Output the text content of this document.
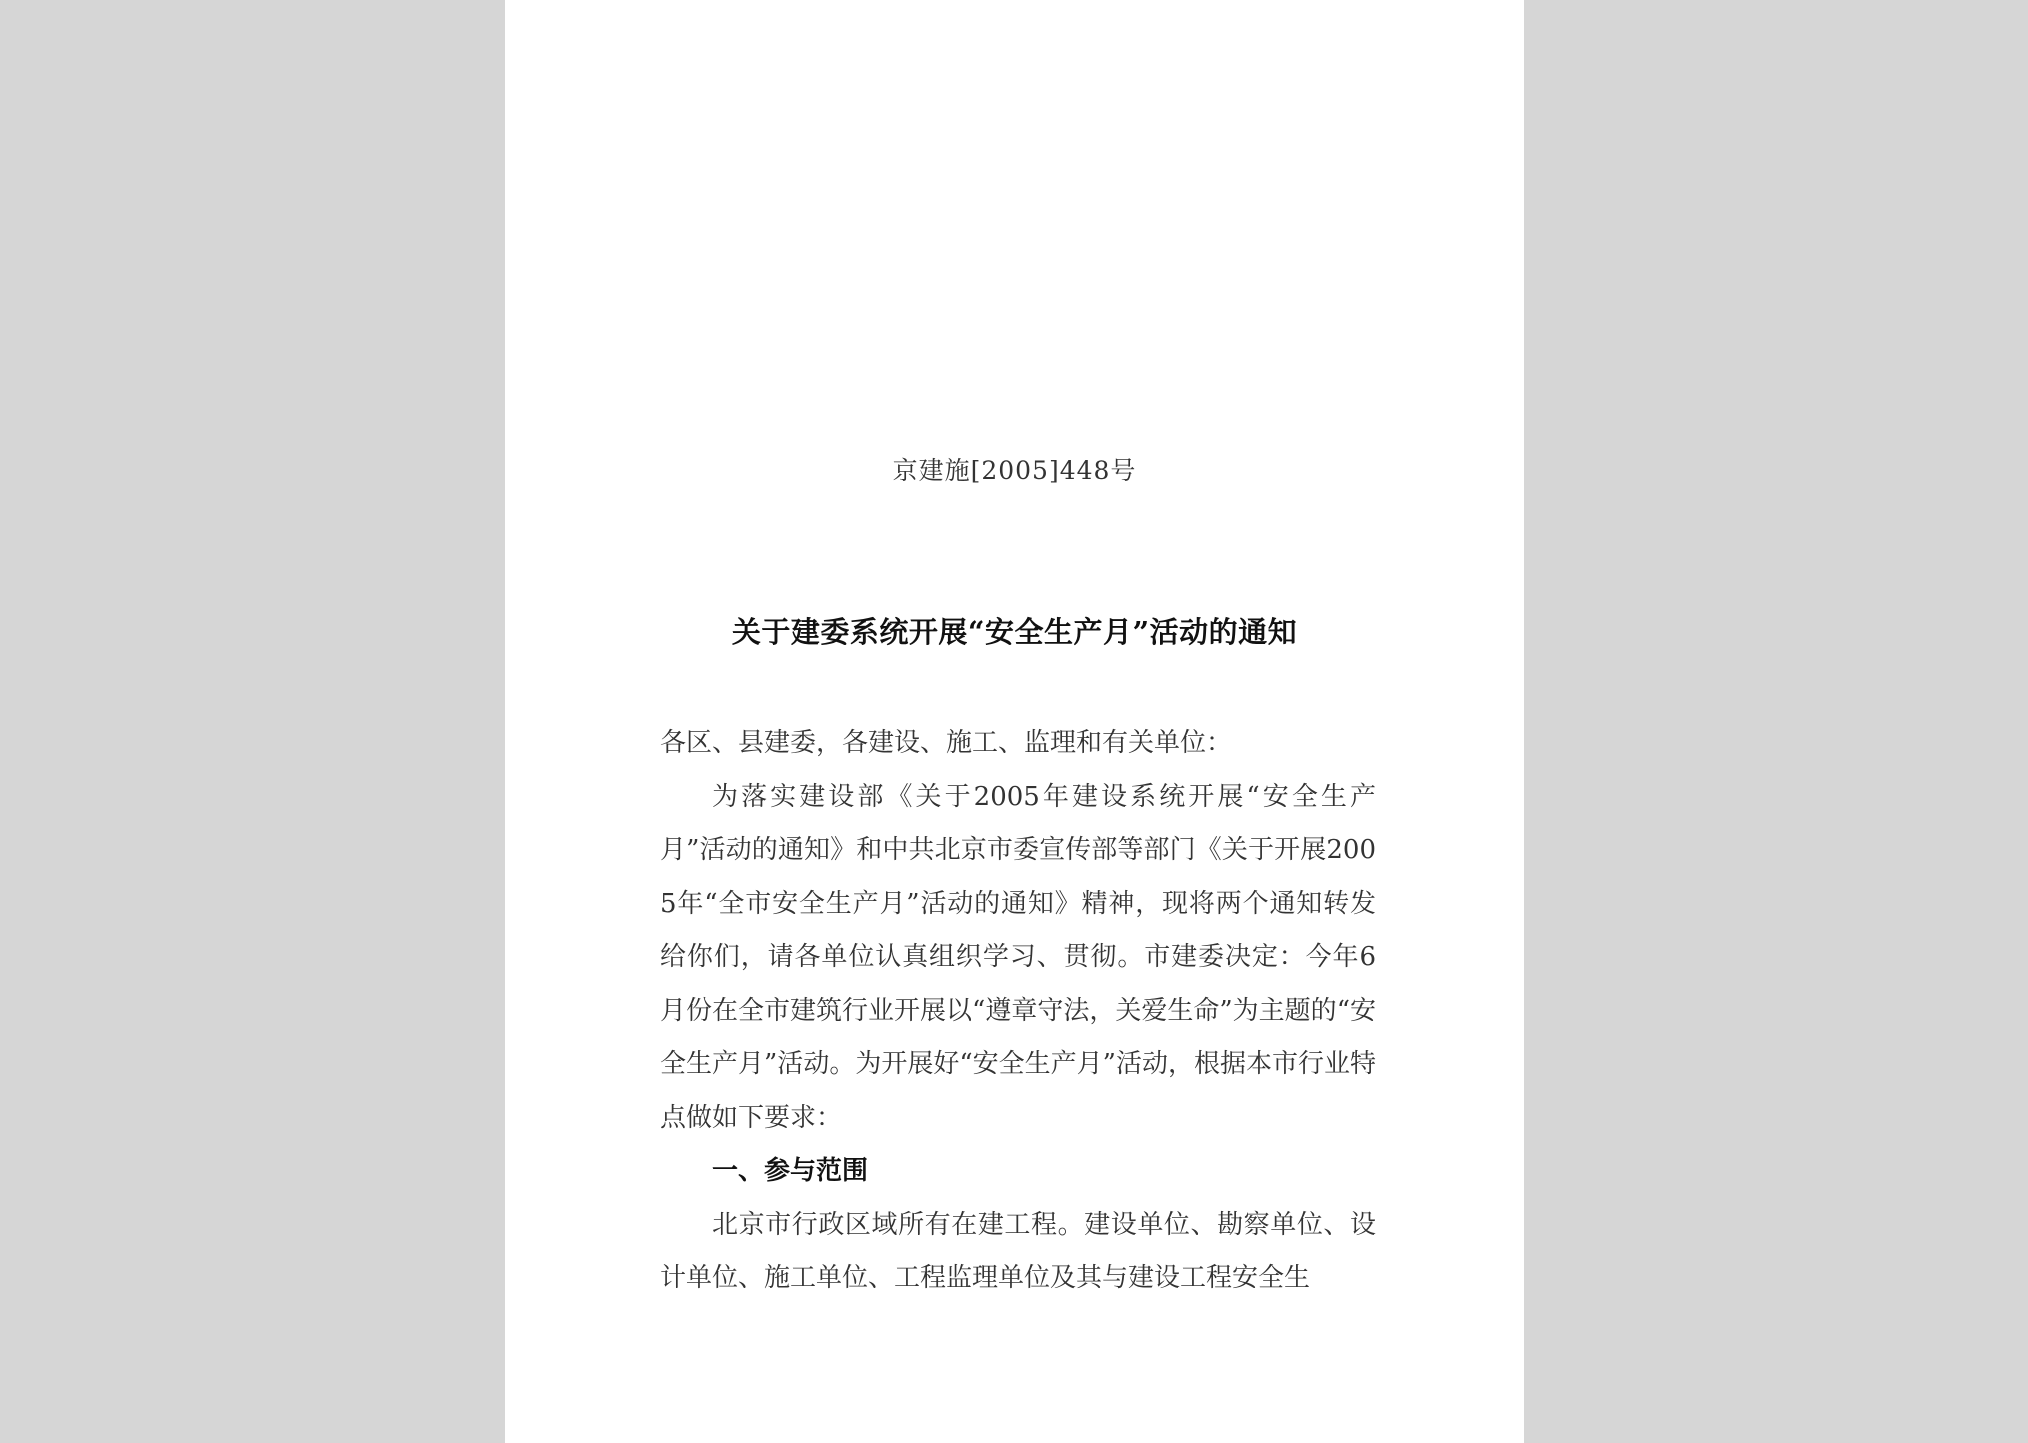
京建施[2005]448号
关于建委系统开展“安全生产月”活动的通知

各区、县建委，各建设、施工、监理和有关单位：

为落实建设部《关于2005年建设系统开展“安全生产月”活动的通知》和中共北京市委宣传部等部门《关于开展2005年“全市安全生产月”活动的通知》精神，现将两个通知转发给你们，请各单位认真组织学习、贯彻。市建委决定：今年6月份在全市建筑行业开展以“遵章守法，关爱生命”为主题的“安全生产月”活动。为开展好“安全生产月”活动，根据本市行业特点做如下要求：

一、参与范围

北京市行政区域所有在建工程。建设单位、勘察单位、设计单位、施工单位、工程监理单位及其与建设工程安全生
